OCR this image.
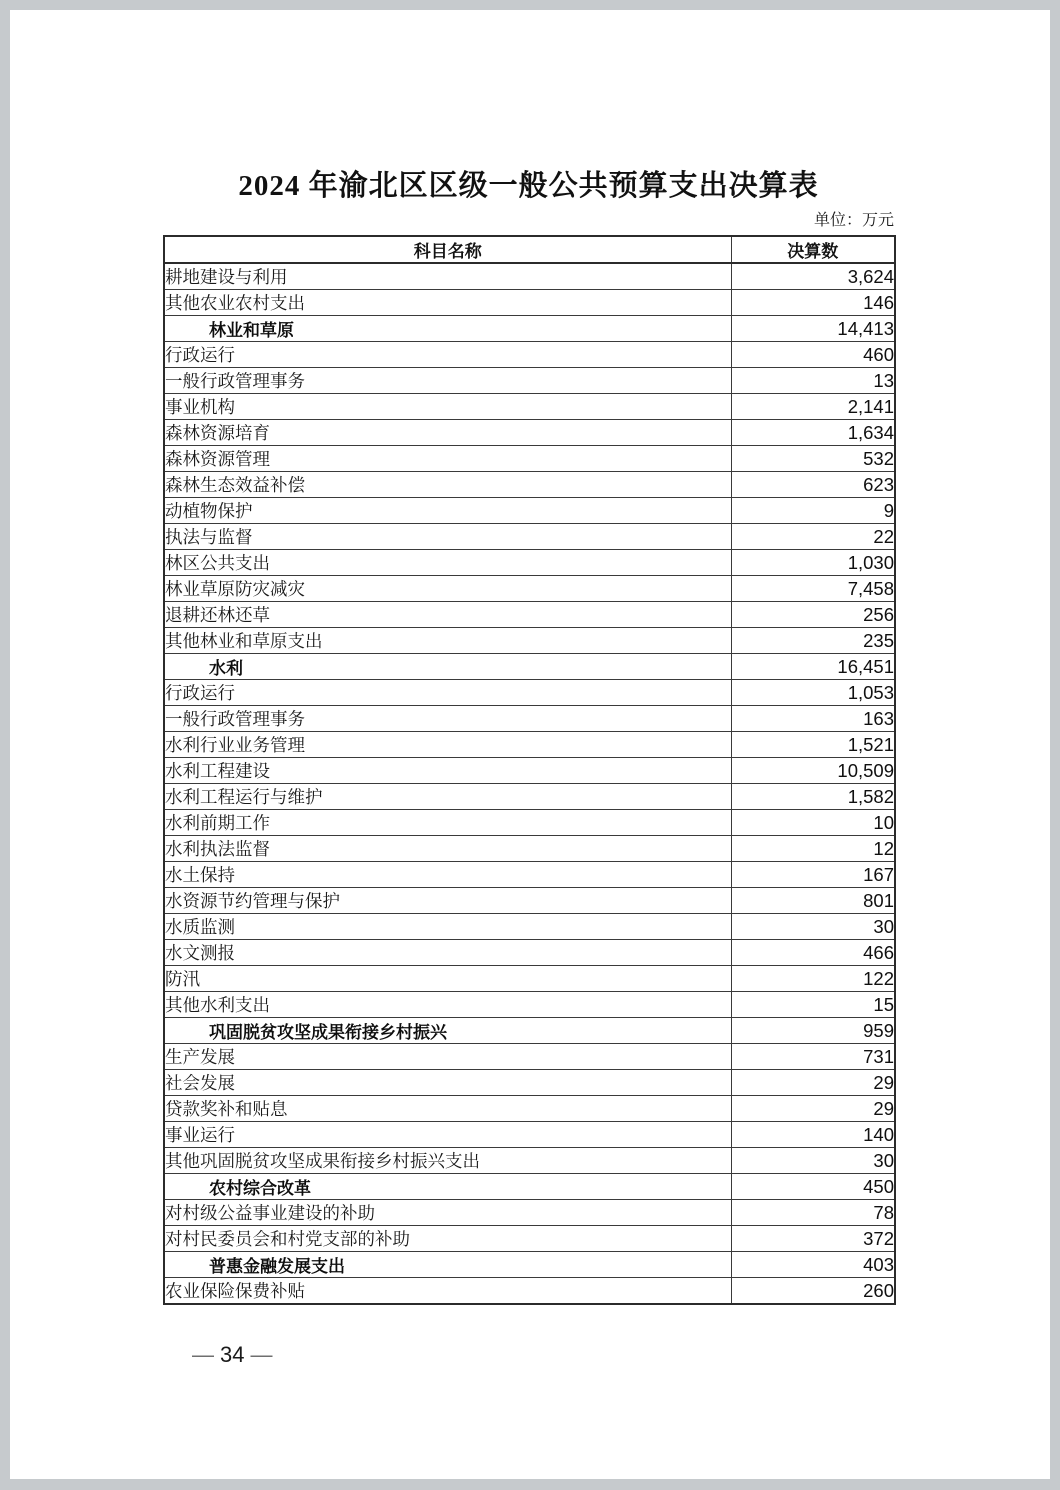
2024 年渝北区区级一般公共预算支出决算表
单位：万元
科目名称	决算数
耕地建设与利用	3,624
其他农业农村支出	146
林业和草原	14,413
行政运行	460
一般行政管理事务	13
事业机构	2,141
森林资源培育	1,634
森林资源管理	532
森林生态效益补偿	623
动植物保护	9
执法与监督	22
林区公共支出	1,030
林业草原防灾减灾	7,458
退耕还林还草	256
其他林业和草原支出	235
水利	16,451
行政运行	1,053
一般行政管理事务	163
水利行业业务管理	1,521
水利工程建设	10,509
水利工程运行与维护	1,582
水利前期工作	10
水利执法监督	12
水土保持	167
水资源节约管理与保护	801
水质监测	30
水文测报	466
防汛	122
其他水利支出	15
巩固脱贫攻坚成果衔接乡村振兴	959
生产发展	731
社会发展	29
贷款奖补和贴息	29
事业运行	140
其他巩固脱贫攻坚成果衔接乡村振兴支出	30
农村综合改革	450
对村级公益事业建设的补助	78
对村民委员会和村党支部的补助	372
普惠金融发展支出	403
农业保险保费补贴	260
— 34 —
